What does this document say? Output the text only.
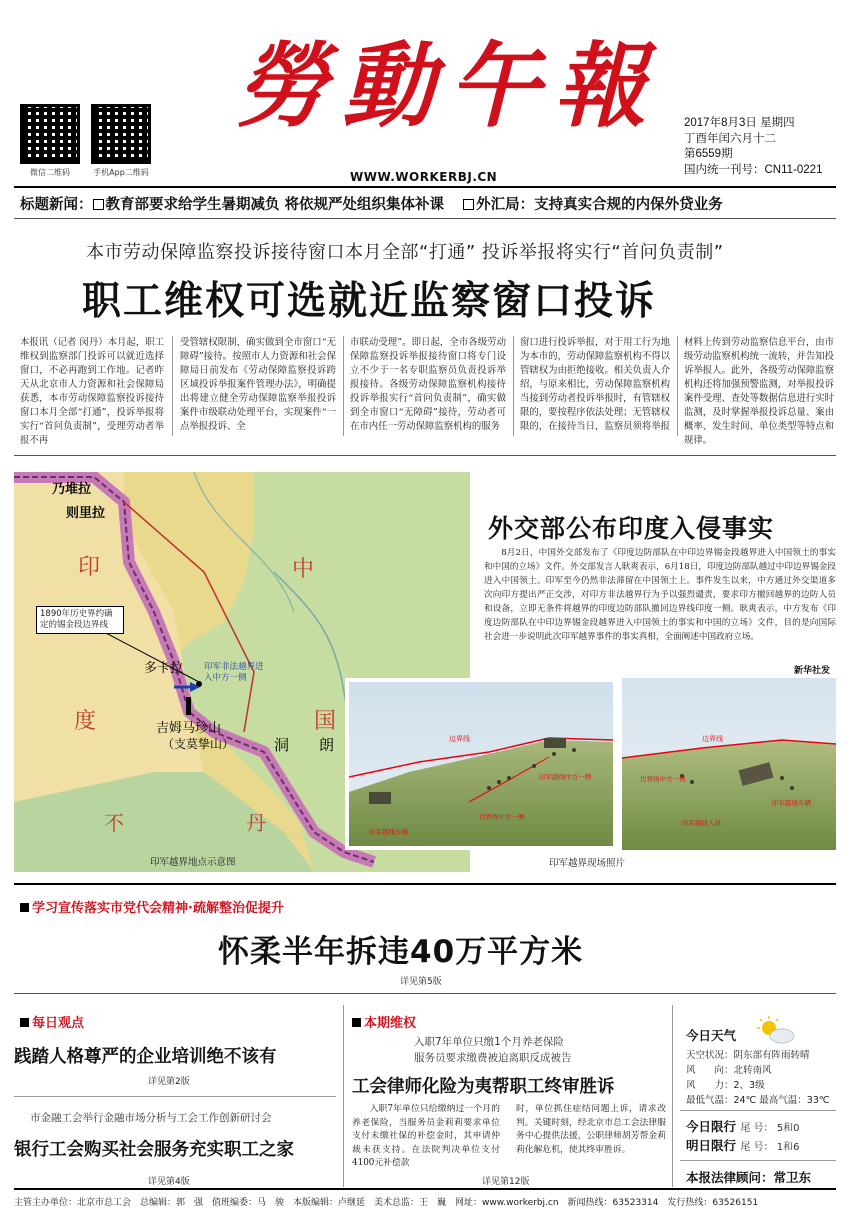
微信二维码	手机App二维码
勞動午報
WWW.WORKERBJ.CN
2017年8月3日 星期四
丁酉年闰六月十二
第6559期
国内统一刊号：CN11-0221
标题新闻： 教育部要求给学生暑期减负 将依规严处组织集体补课 外汇局：支持真实合规的内保外贷业务
本市劳动保障监察投诉接待窗口本月全部“打通” 投诉举报将实行“首问负责制”
职工维权可选就近监察窗口投诉
本报讯（记者 闵丹）本月起，职工维权到监察部门投诉可以就近选择窗口，不必再跑到工作地。记者昨天从北京市人力资源和社会保障局获悉，本市劳动保障监察投诉接待窗口本月全部“打通”，投诉举报将实行“首问负责制”，受理劳动者举报不再
受管辖权限制，确实做到全市窗口“无障碍”接待。按照市人力资源和社会保障局日前发布《劳动保障监察投诉跨区域投诉举报案件管理办法》，明确提出将建立健全劳动保障监察举报投诉案件市级联动处理平台，实现案件“一点举报投诉、全
市联动受理”。即日起，全市各级劳动保障监察投诉举报接待窗口将专门设立不少于一名专职监察员负责投诉举报接待。各级劳动保障监察机构接待投诉举报实行“首问负责制”，确实做到全市窗口“无障碍”接待，劳动者可在市内任一劳动保障监察机构的服务
窗口进行投诉举报，对于用工行为地为本市的，劳动保障监察机构不得以管辖权为由拒绝接收。相关负责人介绍，与原来相比，劳动保障监察机构当接到劳动者投诉举报时，有管辖权限的，要按程序依法处理；无管辖权限的，在接待当日，监察员须将举报
材料上传到劳动监察信息平台，由市级劳动监察机构统一流转，并告知投诉举报人。此外，各级劳动保障监察机构还将加强预警监测，对举报投诉案件受理、查处等数据信息进行实时监测，及时掌握举报投诉总量、案由概率、发生时间、单位类型等特点和规律。
乃堆拉
则里拉
印	中
度	国
多卡拉
吉姆马珍山
（支莫挚山）	洞 朗
不	丹
1890年历史界约确定的锡金段边界线
印军非法越界进入中方一侧
印军越界地点示意图
外交部公布印度入侵事实
8月2日，中国外交部发布了《印度边防部队在中印边界锡金段越界进入中国领土的事实和中国的立场》文件。外交部发言人耿爽表示，6月18日，印度边防部队越过中印边界锡金段进入中国领土。印军至今仍然非法滞留在中国领土上。事件发生以来，中方通过外交渠道多次向印方提出严正交涉，对印方非法越界行为予以强烈谴责，要求印方撤回越界的边防人员和设备，立即无条件将越界的印度边防部队撤回边界线印度一侧。耿爽表示，中方发布《印度边防部队在中印边界锡金段越界进入中国领土的事实和中国的立场》文件，目的是向国际社会进一步说明此次印军越界事件的事实真相，全面阐述中国政府立场。
新华社发
边界线
印军越线中方一侧
边界线中方一侧
印军越线车辆
边界线
边界线中方一侧
印军越境车辆
印军越线人员
印军越界现场照片
学习宣传落实市党代会精神·疏解整治促提升
怀柔半年拆违40万平方米
详见第5版
每日观点
践踏人格尊严的企业培训绝不该有
详见第2版
市金融工会举行金融市场分析与工会工作创新研讨会
银行工会购买社会服务充实职工之家
详见第4版
本期维权
入职7年单位只缴1个月养老保险
服务员要求缴费被迫离职反成被告
工会律师化险为夷帮职工终审胜诉
入职7年单位只给缴纳过一个月的养老保险，当服务员金莉莉要求单位支付未缴社保的补偿金时，其申请仲裁未获支持。在法院判决单位支付4100元补偿款
时，单位抓住症结问题上诉，请求改判。关键时刻，经北京市总工会法律服务中心提供法援，公职律师胡芳帮金莉莉化解危机，使其终审胜诉。
详见第12版
今日天气
天空状况：阴东部有阵雨转晴
风　　向：北转南风
风　　力：2、3级
最低气温：24℃ 最高气温：33℃
今日限行 尾 号： 5和0
明日限行 尾 号： 1和6
本报法律顾问：常卫东
主管主办单位：北京市总工会　总编辑：郭　强　值班编委：马　骏　本版编辑：卢继延　美术总监：王　巍　网址：www.workerbj.cn　新闻热线：63523314　发行热线：63526151
